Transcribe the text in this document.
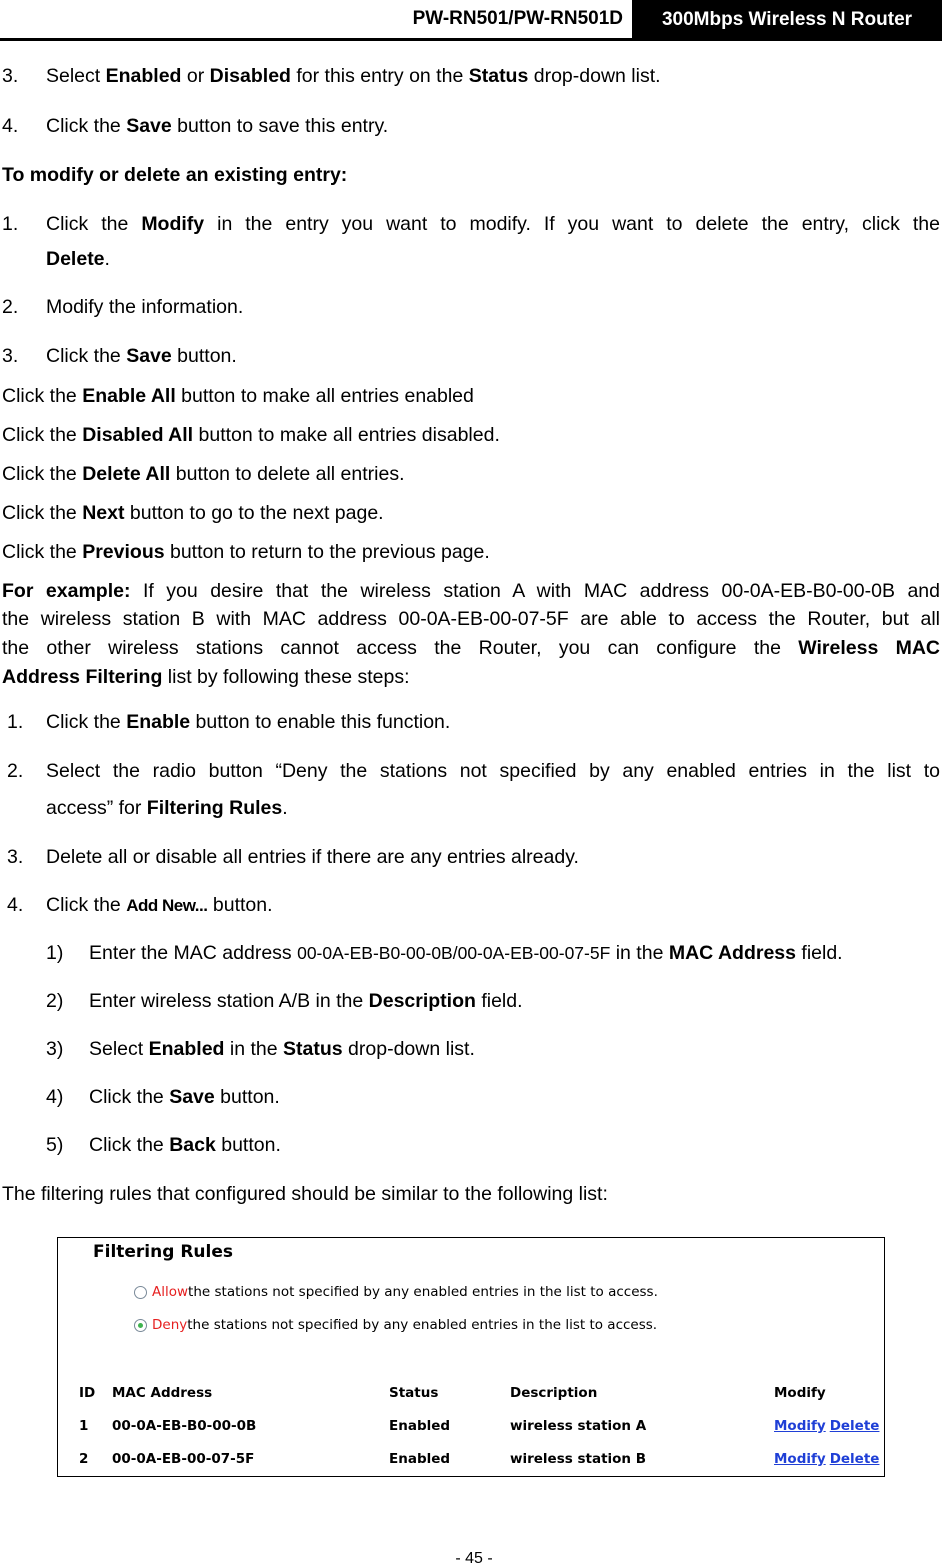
PW-RN501/PW-RN501D	300Mbps Wireless N Router
3. Select Enabled or Disabled for this entry on the Status drop-down list.
4. Click the Save button to save this entry.
To modify or delete an existing entry:
1. Click the Modify in the entry you want to modify. If you want to delete the entry, click the
Delete.
2. Modify the information.
3. Click the Save button.
Click the Enable All button to make all entries enabled
Click the Disabled All button to make all entries disabled.
Click the Delete All button to delete all entries.
Click the Next button to go to the next page.
Click the Previous button to return to the previous page.
For example: If you desire that the wireless station A with MAC address 00-0A-EB-B0-00-0B and
the wireless station B with MAC address 00-0A-EB-00-07-5F are able to access the Router, but all
the other wireless stations cannot access the Router, you can configure the Wireless MAC
Address Filtering list by following these steps:
1. Click the Enable button to enable this function.
2. Select the radio button “Deny the stations not specified by any enabled entries in the list to
access” for Filtering Rules.
3. Delete all or disable all entries if there are any entries already.
4. Click the Add New... button.
1) Enter the MAC address 00-0A-EB-B0-00-0B/00-0A-EB-00-07-5F in the MAC Address field.
2) Enter wireless station A/B in the Description field.
3) Select Enabled in the Status drop-down list.
4) Click the Save button.
5) Click the Back button.
The filtering rules that configured should be similar to the following list:
Filtering Rules
Allow the stations not specified by any enabled entries in the list to access.
Deny the stations not specified by any enabled entries in the list to access.
ID MAC Address	Status	Description	Modify
1 00-0A-EB-B0-00-0B	Enabled	wireless station A	Modify Delete
2 00-0A-EB-00-07-5F	Enabled	wireless station B	Modify Delete
- 45 -
